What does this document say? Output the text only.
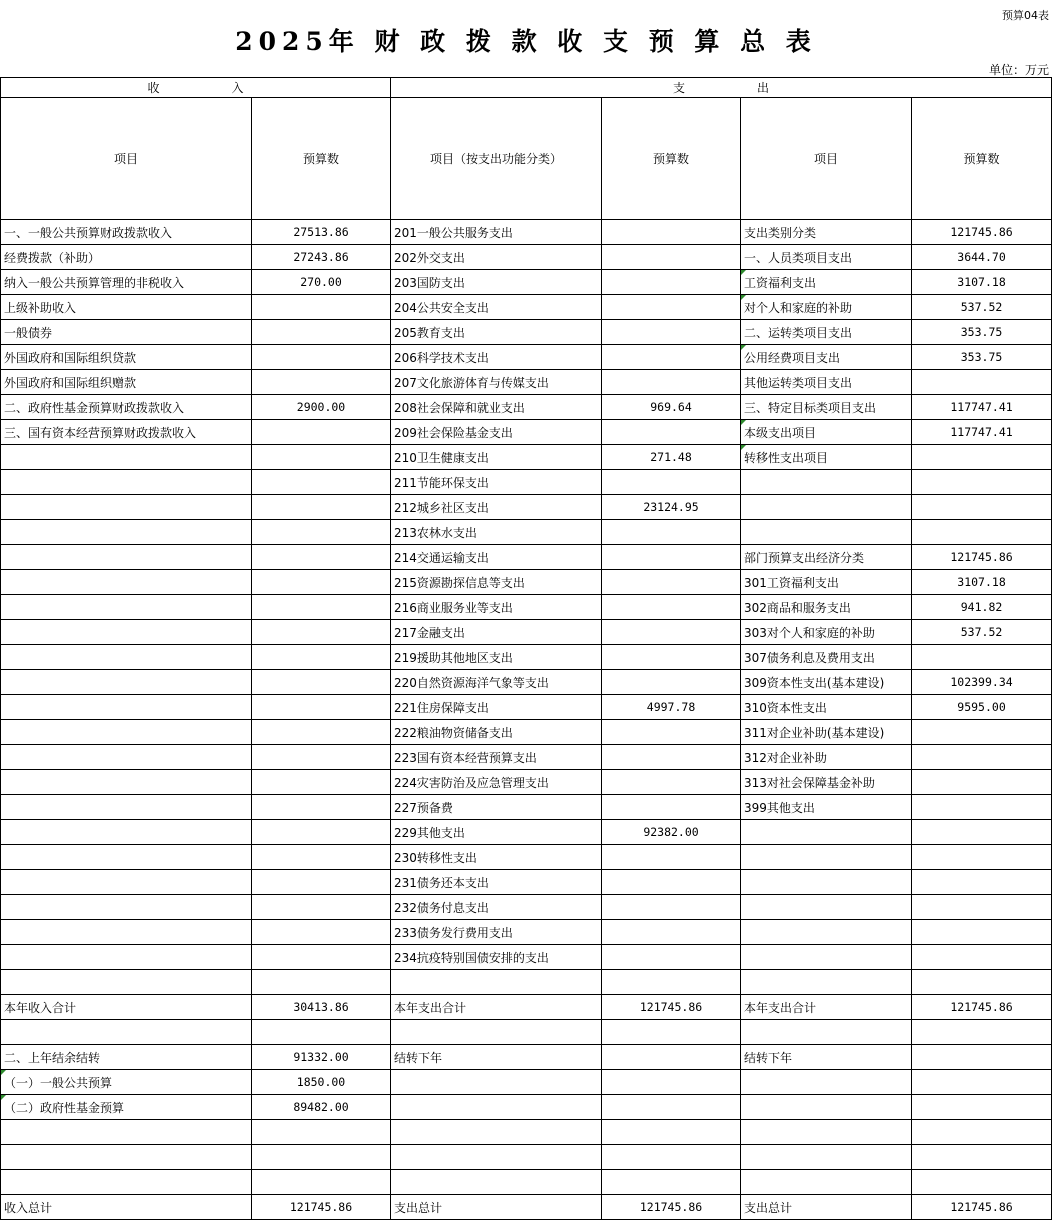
预算04表
2025年 财 政 拨 款 收 支 预 算 总 表
单位：万元
收　　　　　　入		支　　　　　　出			
项目	预算数	项目（按支出功能分类）	预算数	项目	预算数
一、一般公共预算财政拨款收入	27513.86	201一般公共服务支出		支出类别分类	121745.86
经费拨款（补助）	27243.86	202外交支出		一、人员类项目支出	3644.70
纳入一般公共预算管理的非税收入	270.00	203国防支出		工资福利支出	3107.18
上级补助收入		204公共安全支出		对个人和家庭的补助	537.52
一般债券		205教育支出		二、运转类项目支出	353.75
外国政府和国际组织贷款		206科学技术支出		公用经费项目支出	353.75
外国政府和国际组织赠款		207文化旅游体育与传媒支出		其他运转类项目支出	
二、政府性基金预算财政拨款收入	2900.00	208社会保障和就业支出	969.64	三、特定目标类项目支出	117747.41
三、国有资本经营预算财政拨款收入		209社会保险基金支出		本级支出项目	117747.41
		210卫生健康支出	271.48	转移性支出项目	
		211节能环保支出			
		212城乡社区支出	23124.95		
		213农林水支出			
		214交通运输支出		部门预算支出经济分类	121745.86
		215资源勘探信息等支出		301工资福利支出	3107.18
		216商业服务业等支出		302商品和服务支出	941.82
		217金融支出		303对个人和家庭的补助	537.52
		219援助其他地区支出		307债务利息及费用支出	
		220自然资源海洋气象等支出		309资本性支出(基本建设)	102399.34
		221住房保障支出	4997.78	310资本性支出	9595.00
		222粮油物资储备支出		311对企业补助(基本建设)	
		223国有资本经营预算支出		312对企业补助	
		224灾害防治及应急管理支出		313对社会保障基金补助	
		227预备费		399其他支出	
		229其他支出	92382.00		
		230转移性支出			
		231债务还本支出			
		232债务付息支出			
		233债务发行费用支出			
		234抗疫特别国债安排的支出			

本年收入合计	30413.86	本年支出合计	121745.86	本年支出合计	121745.86

二、上年结余结转	91332.00	结转下年		结转下年	
（一）一般公共预算	1850.00				
（二）政府性基金预算	89482.00				

收入总计	121745.86	支出总计	121745.86	支出总计	121745.86
